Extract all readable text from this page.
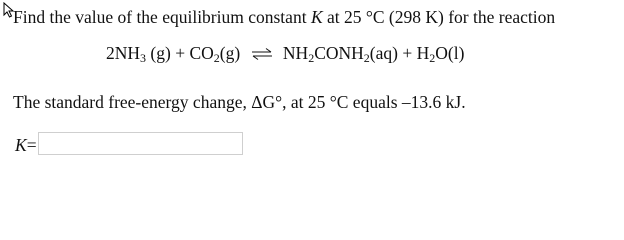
Find the value of the equilibrium constant K at 25 °C (298 K) for the reaction
$2NH_3$ $(g) + CO_2(g)$ ⇌ $NH_2CONH_2(aq) + H_2O(l)$
The standard free-energy change, ΔG°, at 25 °C equals –13.6 kJ.
K=
